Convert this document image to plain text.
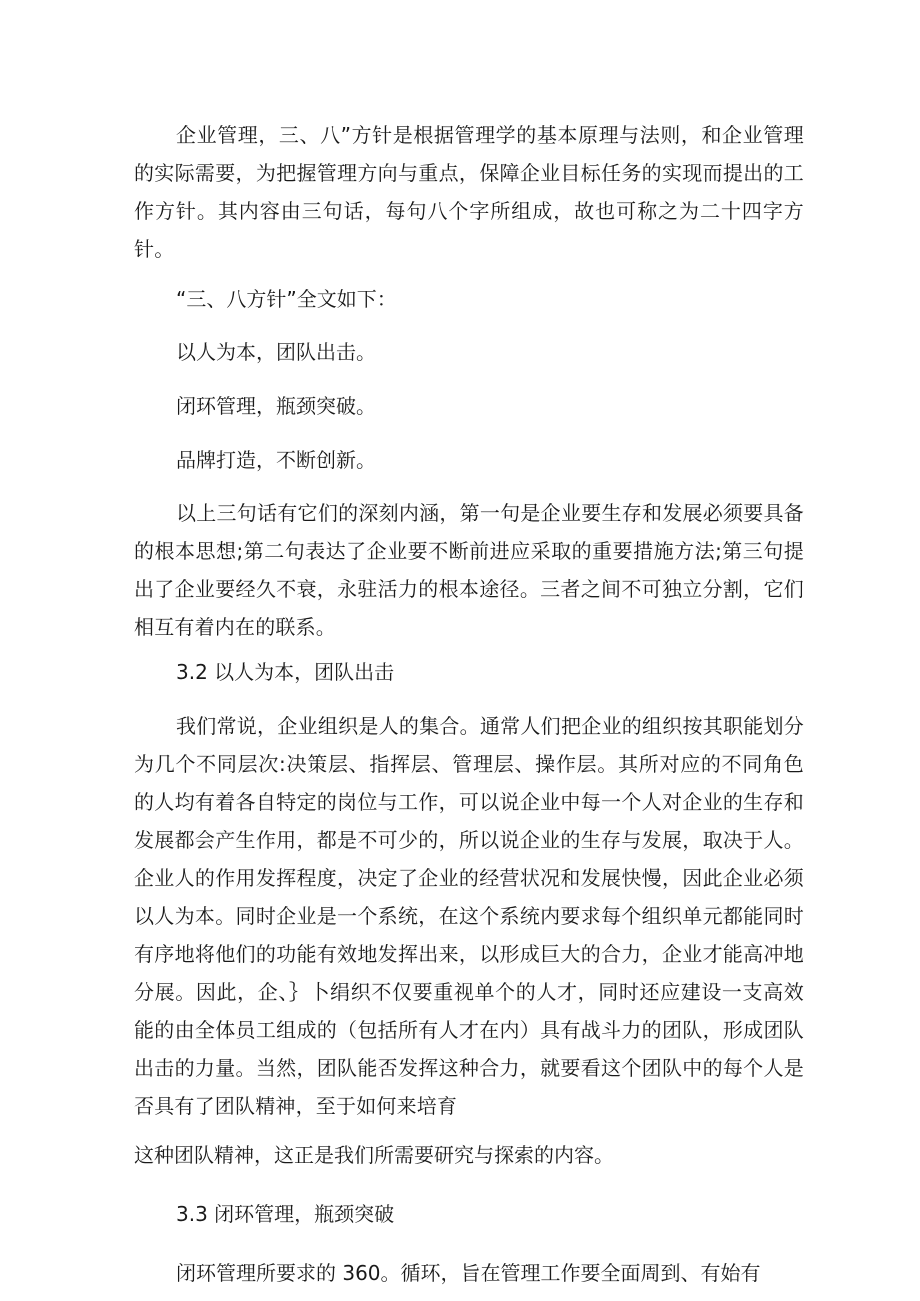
企业管理，三、八”方针是根据管理学的基本原理与法则，和企业管理的实际需要，为把握管理方向与重点，保障企业目标任务的实现而提出的工作方针。其内容由三句话，每句八个字所组成，故也可称之为二十四字方针。

“三、八方针”全文如下：

以人为本，团队出击。

闭环管理，瓶颈突破。

品牌打造，不断创新。

以上三句话有它们的深刻内涵，第一句是企业要生存和发展必须要具备的根本思想;第二句表达了企业要不断前进应采取的重要措施方法;第三句提出了企业要经久不衰，永驻活力的根本途径。三者之间不可独立分割，它们相互有着内在的联系。

3.2 以人为本，团队出击

我们常说，企业组织是人的集合。通常人们把企业的组织按其职能划分为几个不同层次:决策层、指挥层、管理层、操作层。其所对应的不同角色的人均有着各自特定的岗位与工作，可以说企业中每一个人对企业的生存和发展都会产生作用，都是不可少的，所以说企业的生存与发展，取决于人。企业人的作用发挥程度，决定了企业的经营状况和发展快慢，因此企业必须以人为本。同时企业是一个系统，在这个系统内要求每个组织单元都能同时有序地将他们的功能有效地发挥出来，以形成巨大的合力，企业才能高冲地分展。因此，企、｝卜绢织不仅要重视单个的人才，同时还应建设一支高效能的由全体员工组成的（包括所有人才在内）具有战斗力的团队，形成团队出击的力量。当然，团队能否发挥这种合力，就要看这个团队中的每个人是否具有了团队精神，至于如何来培育

这种团队精神，这正是我们所需要研究与探索的内容。

3.3 闭环管理，瓶颈突破

闭环管理所要求的 360。循环，旨在管理工作要全面周到、有始有
